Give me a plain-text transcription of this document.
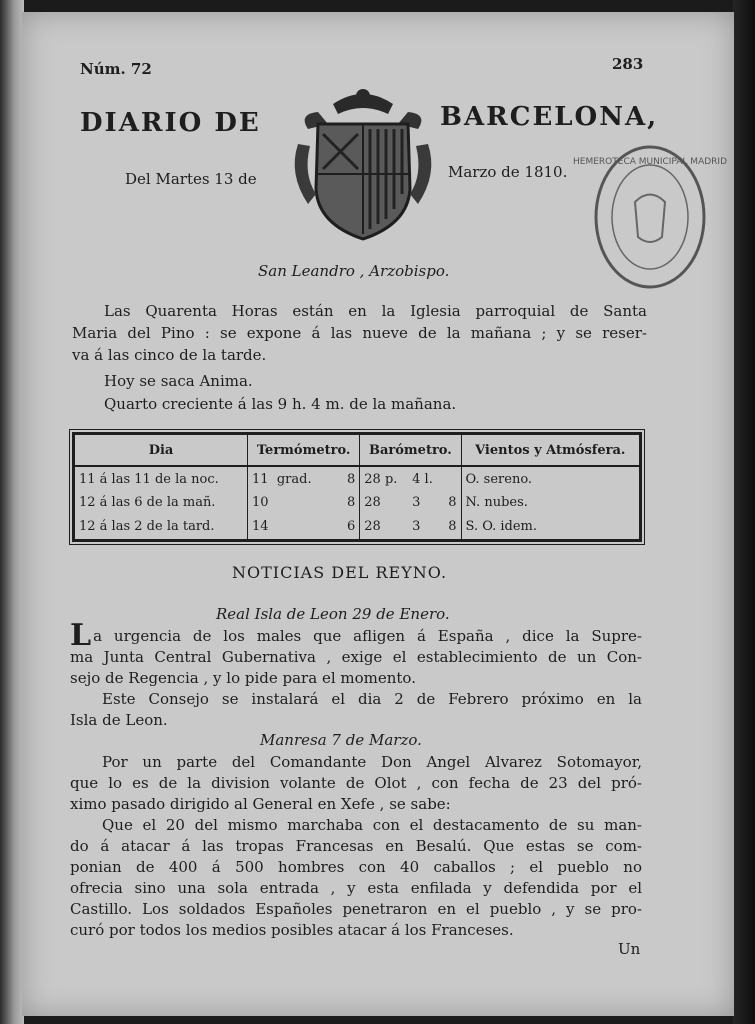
Núm. 72	283
DIARIO DE	BARCELONA,
Del Martes 13 de	Marzo de 1810.
HEMEROTECA MUNICIPAL MADRID
San Leandro , Arzobispo.
Las Quarenta Horas están en la Iglesia parroquial de Santa
Maria del Pino : se expone á las nueve de la mañana ; y se reser-
va á las cinco de la tarde.
Hoy se saca Anima.
Quarto creciente á las 9 h. 4 m. de la mañana.
Dia	Termómetro.		Barómetro.			Vientos y Atmósfera.
11 á las 11 de la noc.	11 grad.	8	28 p.	4 l.		O. sereno.
12 á las 6 de la mañ.	10	8	28	3	8	N. nubes.
12 á las 2 de la tard.	14	6	28	3	8	S. O. idem.
NOTICIAS DEL REYNO.
Real Isla de Leon 29 de Enero.
L a urgencia de los males que afligen á España , dice la Supre-
ma Junta Central Gubernativa , exige el establecimiento de un Con-
sejo de Regencia , y lo pide para el momento.
Este Consejo se instalará el dia 2 de Febrero próximo en la
Isla de Leon.
Manresa 7 de Marzo.
Por un parte del Comandante Don Angel Alvarez Sotomayor,
que lo es de la division volante de Olot , con fecha de 23 del pró-
ximo pasado dirigido al General en Xefe , se sabe:
Que el 20 del mismo marchaba con el destacamento de su man-
do á atacar á las tropas Francesas en Besalú. Que estas se com-
ponian de 400 á 500 hombres con 40 caballos ; el pueblo no
ofrecia sino una sola entrada , y esta enfilada y defendida por el
Castillo. Los soldados Españoles penetraron en el pueblo , y se pro-
curó por todos los medios posibles atacar á los Franceses.
Un
